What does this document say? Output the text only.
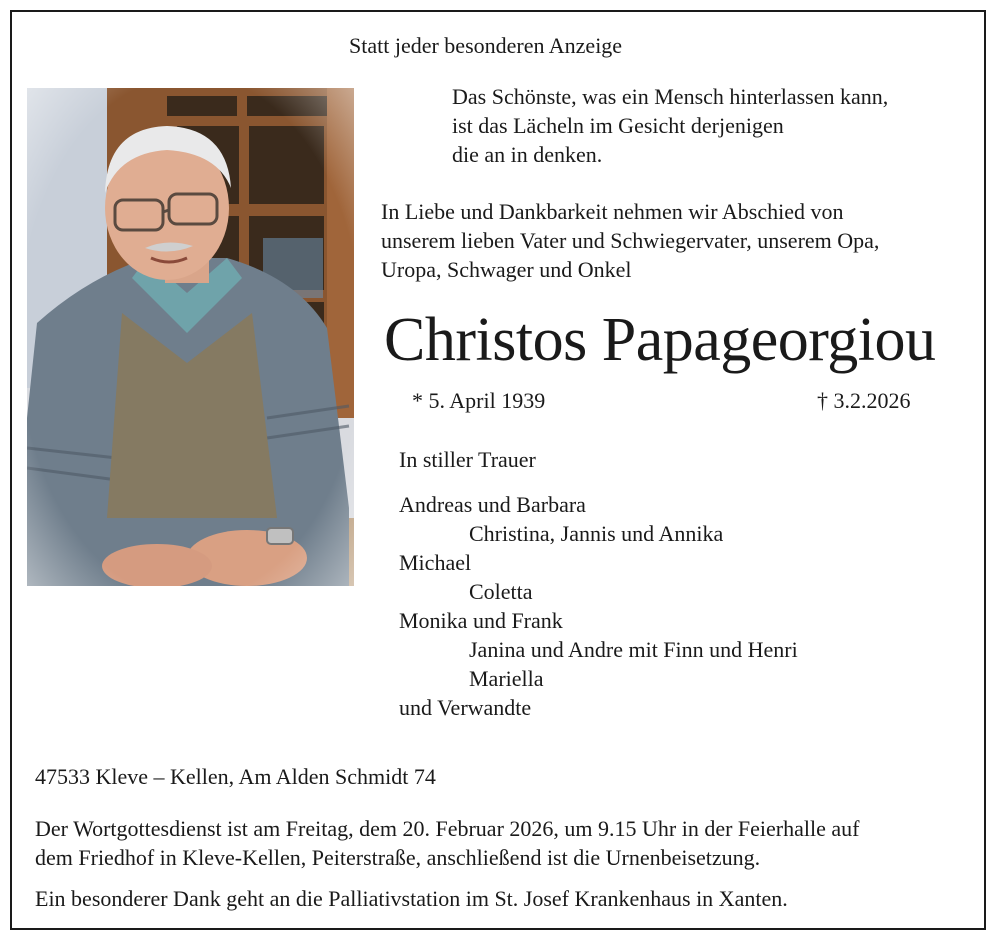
Statt jeder besonderen Anzeige
Das Schönste, was ein Mensch hinterlassen kann,
ist das Lächeln im Gesicht derjenigen
die an in denken.
In Liebe und Dankbarkeit nehmen wir Abschied von
unserem lieben Vater und Schwiegervater, unserem Opa,
Uropa, Schwager und Onkel
Christos Papageorgiou
* 5. April 1939	† 3.2.2026
In stiller Trauer
Andreas und Barbara
Christina, Jannis und Annika
Michael
Coletta
Monika und Frank
Janina und Andre mit Finn und Henri
Mariella
und Verwandte
47533 Kleve – Kellen, Am Alden Schmidt 74
Der Wortgottesdienst ist am Freitag, dem 20. Februar 2026, um 9.15 Uhr in der Feierhalle auf
dem Friedhof in Kleve-Kellen, Peiterstraße, anschließend ist die Urnenbeisetzung.
Ein besonderer Dank geht an die Palliativstation im St. Josef Krankenhaus in Xanten.
